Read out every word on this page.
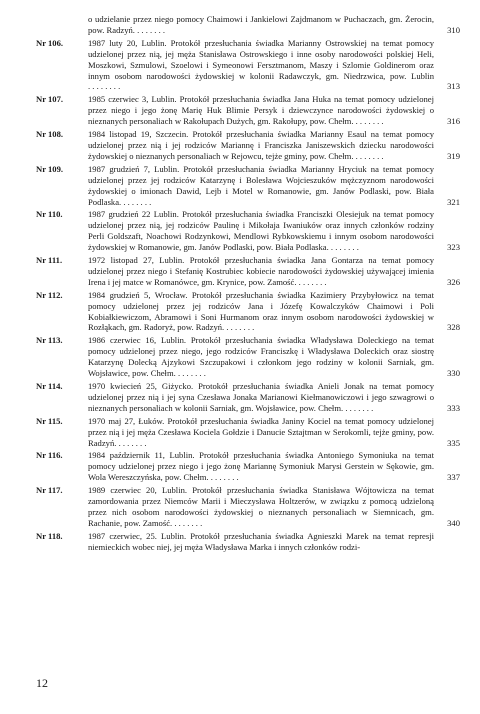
o udzielanie przez niego pomocy Chaimowi i Jankielowi Zajdmanom w Puchaczach, gm. Żerocin, pow. Radzyń. . . . . . . .	310
Nr 106.	1987 luty 20, Lublin. Protokół przesłuchania świadka Marianny Ostrowskiej na temat pomocy udzielonej przez nią, jej męża Stanisława Ostrowskiego i inne osoby narodowości polskiej Heli, Moszkowi, Szmulowi, Szoelowi i Symeonowi Fersztmanom, Maszy i Szlomie Goldinerom oraz innym osobom narodowości żydowskiej w kolonii Radawczyk, gm. Niedrzwica, pow. Lublin. . . . . . . .	313
Nr 107.	1985 czerwiec 3, Lublin. Protokół przesłuchania świadka Jana Huka na temat pomocy udzielonej przez niego i jego żonę Marię Huk Blimie Persyk i dziewczynce narodowości żydowskiej o nieznanych personaliach w Rakołupach Dużych, gm. Rakołupy, pow. Chełm. . . . . . . .	316
Nr 108.	1984 listopad 19, Szczecin. Protokół przesłuchania świadka Marianny Esaul na temat pomocy udzielonej przez nią i jej rodziców Mariannę i Franciszka Janiszewskich dziecku narodowości żydowskiej o nieznanych personaliach w Rejowcu, tejże gminy, pow. Chełm. . . . . . . .	319
Nr 109.	1987 grudzień 7, Lublin. Protokół przesłuchania świadka Marianny Hryciuk na temat pomocy udzielonej przez jej rodziców Katarzynę i Bolesława Wojcieszuków mężczyznom narodowości żydowskiej o imionach Dawid, Lejb i Motel w Romanowie, gm. Janów Podlaski, pow. Biała Podlaska. . . . . . . .	321
Nr 110.	1987 grudzień 22 Lublin. Protokół przesłuchania świadka Franciszki Olesiejuk na temat pomocy udzielonej przez nią, jej rodziców Paulinę i Mikołaja Iwaniuków oraz innych członków rodziny Perli Goldszaft, Noachowi Rodzynkowi, Mendlowi Rybkowskiemu i innym osobom narodowości żydowskiej w Romanowie, gm. Janów Podlaski, pow. Biała Podlaska. . . . . . . .	323
Nr 111.	1972 listopad 27, Lublin. Protokół przesłuchania świadka Jana Gontarza na temat pomocy udzielonej przez niego i Stefanię Kostrubiec kobiecie narodowości żydowskiej używającej imienia Irena i jej matce w Romanówce, gm. Krynice, pow. Zamość. . . . . . . .	326
Nr 112.	1984 grudzień 5, Wrocław. Protokół przesłuchania świadka Kazimiery Przybyłowicz na temat pomocy udzielonej przez jej rodziców Jana i Józefę Kowalczyków Chaimowi i Poli Kobiałkiewiczom, Abramowi i Soni Hurmanom oraz innym osobom narodowości żydowskiej w Rozłąkach, gm. Radoryż, pow. Radzyń. . . . . . . .	328
Nr 113.	1986 czerwiec 16, Lublin. Protokół przesłuchania świadka Władysława Doleckiego na temat pomocy udzielonej przez niego, jego rodziców Franciszkę i Władysława Doleckich oraz siostrę Katarzynę Dolecką Ajzykowi Szczupakowi i członkom jego rodziny w kolonii Sarniak, gm. Wojsławice, pow. Chełm. . . . . . . .	330
Nr 114.	1970 kwiecień 25, Giżycko. Protokół przesłuchania świadka Anieli Jonak na temat pomocy udzielonej przez nią i jej syna Czesława Jonaka Marianowi Kiełmanowiczowi i jego szwagrowi o nieznanych personaliach w kolonii Sarniak, gm. Wojsławice, pow. Chełm. . . . . . . .	333
Nr 115.	1970 maj 27, Łuków. Protokół przesłuchania świadka Janiny Kociel na temat pomocy udzielonej przez nią i jej męża Czesława Kociela Gołdzie i Danucie Sztajtman w Serokomli, tejże gminy, pow. Radzyń. . . . . . . .	335
Nr 116.	1984 październik 11, Lublin. Protokół przesłuchania świadka Antoniego Symoniuka na temat pomocy udzielonej przez niego i jego żonę Mariannę Symoniuk Marysi Gerstein w Sękowie, gm. Wola Wereszczyńska, pow. Chełm. . . . . . . .	337
Nr 117.	1989 czerwiec 20, Lublin. Protokół przesłuchania świadka Stanisława Wójtowicza na temat zamordowania przez Niemców Marii i Mieczysława Holtzerów, w związku z pomocą udzieloną przez nich osobom narodowości żydowskiej o nieznanych personaliach w Siemnicach, gm. Rachanie, pow. Zamość. . . . . . . .	340
Nr 118.	1987 czerwiec, 25. Lublin. Protokół przesłuchania świadka Agnieszki Marek na temat represji niemieckich wobec niej, jej męża Władysława Marka i innych członków rodzi-
12
